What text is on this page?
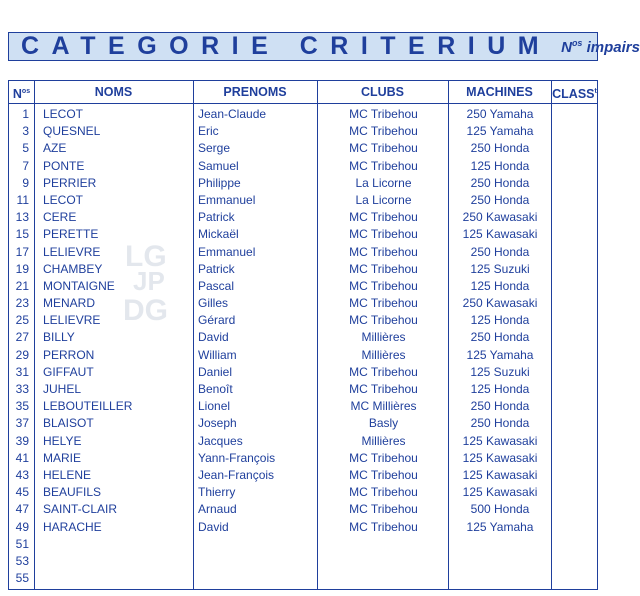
CATEGORIE CRITERIUM $N^{os}$ impairs
$N^{os}$	NOMS	PRENOMS	CLUBS	MACHINES	CLASS$^t$
1 LECOT	Jean-Claude	MC Tribehou	250 Yamaha
3 QUESNEL	Eric	MC Tribehou	125 Yamaha
5 AZE	Serge	MC Tribehou	250 Honda
7 PONTE	Samuel	MC Tribehou	125 Honda
9 PERRIER	Philippe	La Licorne	250 Honda
11 LECOT	Emmanuel	La Licorne	250 Honda
13 CERE	Patrick	MC Tribehou	250 Kawasaki
15 PERETTE	Mickaël	MC Tribehou	125 Kawasaki
17 LELIEVRE	Emmanuel	MC Tribehou	250 Honda
19 CHAMBEY	Patrick	MC Tribehou	125 Suzuki
21 MONTAIGNE	Pascal	MC Tribehou	125 Honda
23 MENARD	Gilles	MC Tribehou	250 Kawasaki
25 LELIEVRE	Gérard	MC Tribehou	125 Honda
27 BILLY	David	Millières	250 Honda
29 PERRON	William	Millières	125 Yamaha
31 GIFFAUT	Daniel	MC Tribehou	125 Suzuki
33 JUHEL	Benoît	MC Tribehou	125 Honda
35 LEBOUTEILLER	Lionel	MC Millières	250 Honda
37 BLAISOT	Joseph	Basly	250 Honda
39 HELYE	Jacques	Millières	125 Kawasaki
41 MARIE	Yann-François	MC Tribehou	125 Kawasaki
43 HELENE	Jean-François	MC Tribehou	125 Kawasaki
45 BEAUFILS	Thierry	MC Tribehou	125 Kawasaki
47 SAINT-CLAIR	Arnaud	MC Tribehou	500 Honda
49 HARACHE	David	MC Tribehou	125 Yamaha
51
53
55
LG
JP
DG
